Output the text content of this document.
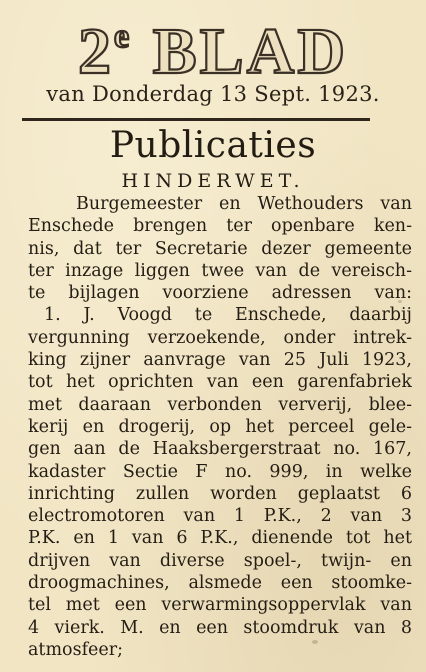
2e BLAD
van Donderdag 13 Sept. 1923.
Publicaties
HINDERWET.
Burgemeester en Wethouders van
Enschede brengen ter openbare ken-
nis, dat ter Secretarie dezer gemeente
ter inzage liggen twee van de vereisch-
te bijlagen voorziene adressen van:
1. J. Voogd te Enschede, daarbij
vergunning verzoekende, onder intrek-
king zijner aanvrage van 25 Juli 1923,
tot het oprichten van een garenfabriek
met daaraan verbonden ververij, blee-
kerij en drogerij, op het perceel gele-
gen aan de Haaksbergerstraat no. 167,
kadaster Sectie F no. 999, in welke
inrichting zullen worden geplaatst 6
electromotoren van 1 P.K., 2 van 3
P.K. en 1 van 6 P.K., dienende tot het
drijven van diverse spoel-, twijn- en
droogmachines, alsmede een stoomke-
tel met een verwarmingsoppervlak van
4 vierk. M. en een stoomdruk van 8
atmosfeer;
